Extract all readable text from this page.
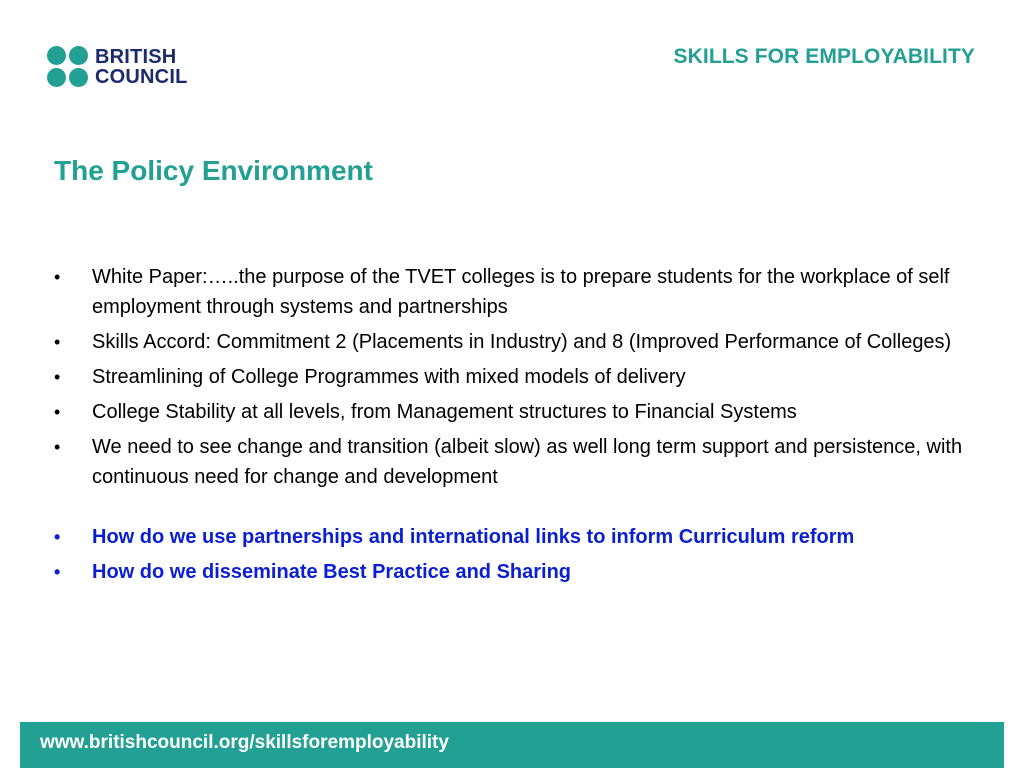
BRITISH
COUNCIL
SKILLS FOR EMPLOYABILITY
The Policy Environment
• White Paper:…..the purpose of the TVET colleges is to prepare students for the workplace of self employment through systems and partnerships
• Skills Accord: Commitment 2 (Placements in Industry) and 8 (Improved Performance of Colleges)
• Streamlining of College Programmes with mixed models of delivery
• College Stability at all levels, from Management structures to Financial Systems
• We need to see change and transition (albeit slow) as well long term support and persistence, with continuous need for change and development
• How do we use partnerships and international links to inform Curriculum reform
• How do we disseminate Best Practice and Sharing
www.britishcouncil.org/skillsforemployability
